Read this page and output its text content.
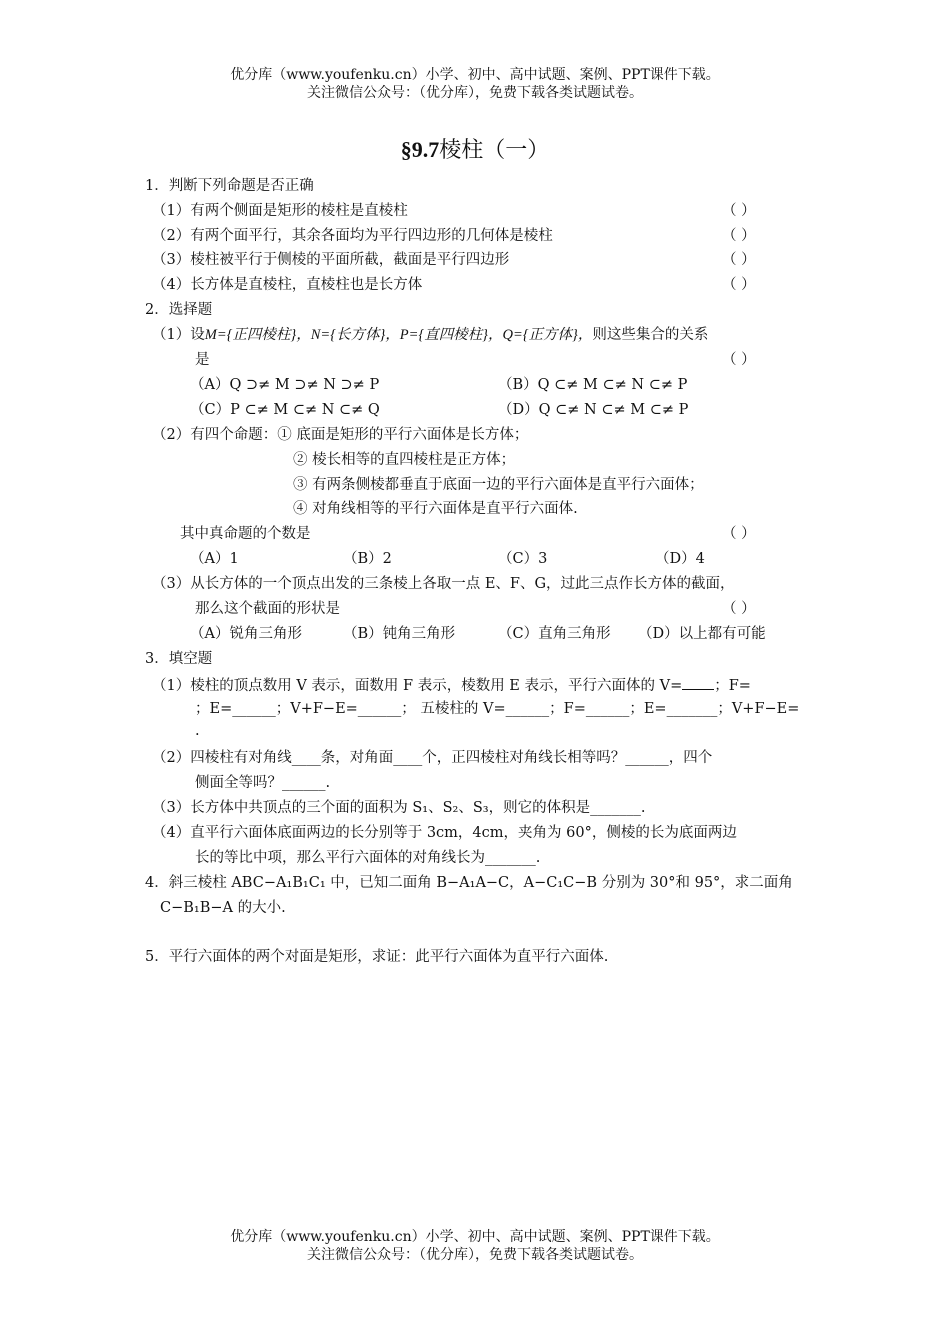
优分库（www.youfenku.cn）小学、初中、高中试题、案例、PPT课件下载。
关注微信公众号：（优分库），免费下载各类试题试卷。
§9.7棱柱（一）
1．判断下列命题是否正确
（1）有两个侧面是矩形的棱柱是直棱柱	（ ）
（2）有两个面平行，其余各面均为平行四边形的几何体是棱柱	（ ）
（3）棱柱被平行于侧棱的平面所截，截面是平行四边形	（ ）
（4）长方体是直棱柱，直棱柱也是长方体	（ ）
2．选择题
（1）设M={正四棱柱}，N={长方体}，P={直四棱柱}，Q={正方体}，则这些集合的关系
是	（ ）
（A）Q ⊃≠ M ⊃≠ N ⊃≠ P	（B）Q ⊂≠ M ⊂≠ N ⊂≠ P
（C）P ⊂≠ M ⊂≠ N ⊂≠ Q	（D）Q ⊂≠ N ⊂≠ M ⊂≠ P
（2）有四个命题：① 底面是矩形的平行六面体是长方体；
② 棱长相等的直四棱柱是正方体；
③ 有两条侧棱都垂直于底面一边的平行六面体是直平行六面体；
④ 对角线相等的平行六面体是直平行六面体.
其中真命题的个数是	（ ）
（A）1	（B）2	（C）3	（D）4
（3）从长方体的一个顶点出发的三条棱上各取一点 E、F、G，过此三点作长方体的截面，
那么这个截面的形状是	（ ）
（A）锐角三角形	（B）钝角三角形	（C）直角三角形 （D）以上都有可能
3．填空题
（1）棱柱的顶点数用 V 表示，面数用 F 表示，棱数用 E 表示，平行六面体的 V= ；F=
；E=______；V+F−E=______； 五棱柱的 V=______；F=______；E=_______；V+F−E=
.
（2）四棱柱有对角线____条，对角面____个，正四棱柱对角线长相等吗？______，四个
侧面全等吗？______.
（3）长方体中共顶点的三个面的面积为 S₁、S₂、S₃，则它的体积是_______.
（4）直平行六面体底面两边的长分别等于 3cm，4cm，夹角为 60°，侧棱的长为底面两边
长的等比中项，那么平行六面体的对角线长为_______.
4．斜三棱柱 ABC−A₁B₁C₁ 中，已知二面角 B−A₁A−C，A−C₁C−B 分别为 30°和 95°，求二面角
C−B₁B−A 的大小.
5．平行六面体的两个对面是矩形，求证：此平行六面体为直平行六面体.
优分库（www.youfenku.cn）小学、初中、高中试题、案例、PPT课件下载。
关注微信公众号：（优分库），免费下载各类试题试卷。
